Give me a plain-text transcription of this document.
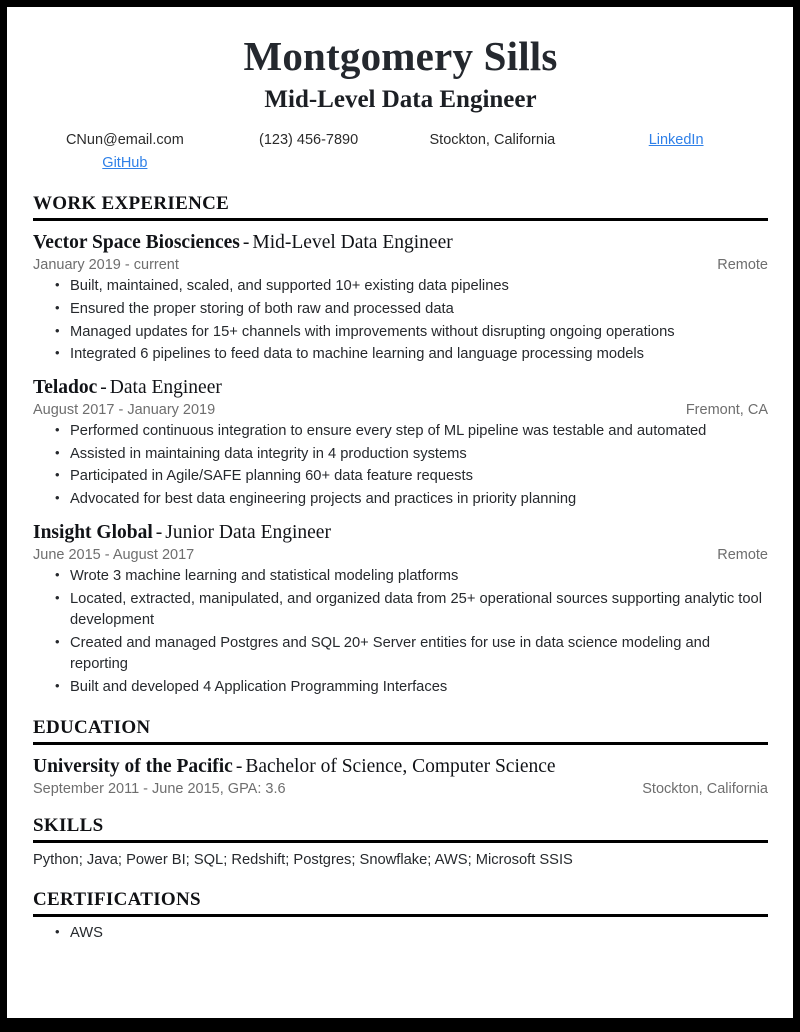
Montgomery Sills
Mid-Level Data Engineer
CNun@email.com	(123) 456-7890	Stockton, California	LinkedIn
GitHub
WORK EXPERIENCE
Vector Space Biosciences - Mid-Level Data Engineer
January 2019 - current	Remote
• Built, maintained, scaled, and supported 10+ existing data pipelines
• Ensured the proper storing of both raw and processed data
• Managed updates for 15+ channels with improvements without disrupting ongoing operations
• Integrated 6 pipelines to feed data to machine learning and language processing models
Teladoc - Data Engineer
August 2017 - January 2019	Fremont, CA
• Performed continuous integration to ensure every step of ML pipeline was testable and automated
• Assisted in maintaining data integrity in 4 production systems
• Participated in Agile/SAFE planning 60+ data feature requests
• Advocated for best data engineering projects and practices in priority planning
Insight Global - Junior Data Engineer
June 2015 - August 2017	Remote
• Wrote 3 machine learning and statistical modeling platforms
• Located, extracted, manipulated, and organized data from 25+ operational sources supporting analytic tool development
• Created and managed Postgres and SQL 20+ Server entities for use in data science modeling and reporting
• Built and developed 4 Application Programming Interfaces
EDUCATION
University of the Pacific - Bachelor of Science, Computer Science
September 2011 - June 2015, GPA: 3.6	Stockton, California
SKILLS
Python; Java; Power BI; SQL; Redshift; Postgres; Snowflake; AWS; Microsoft SSIS
CERTIFICATIONS
• AWS
